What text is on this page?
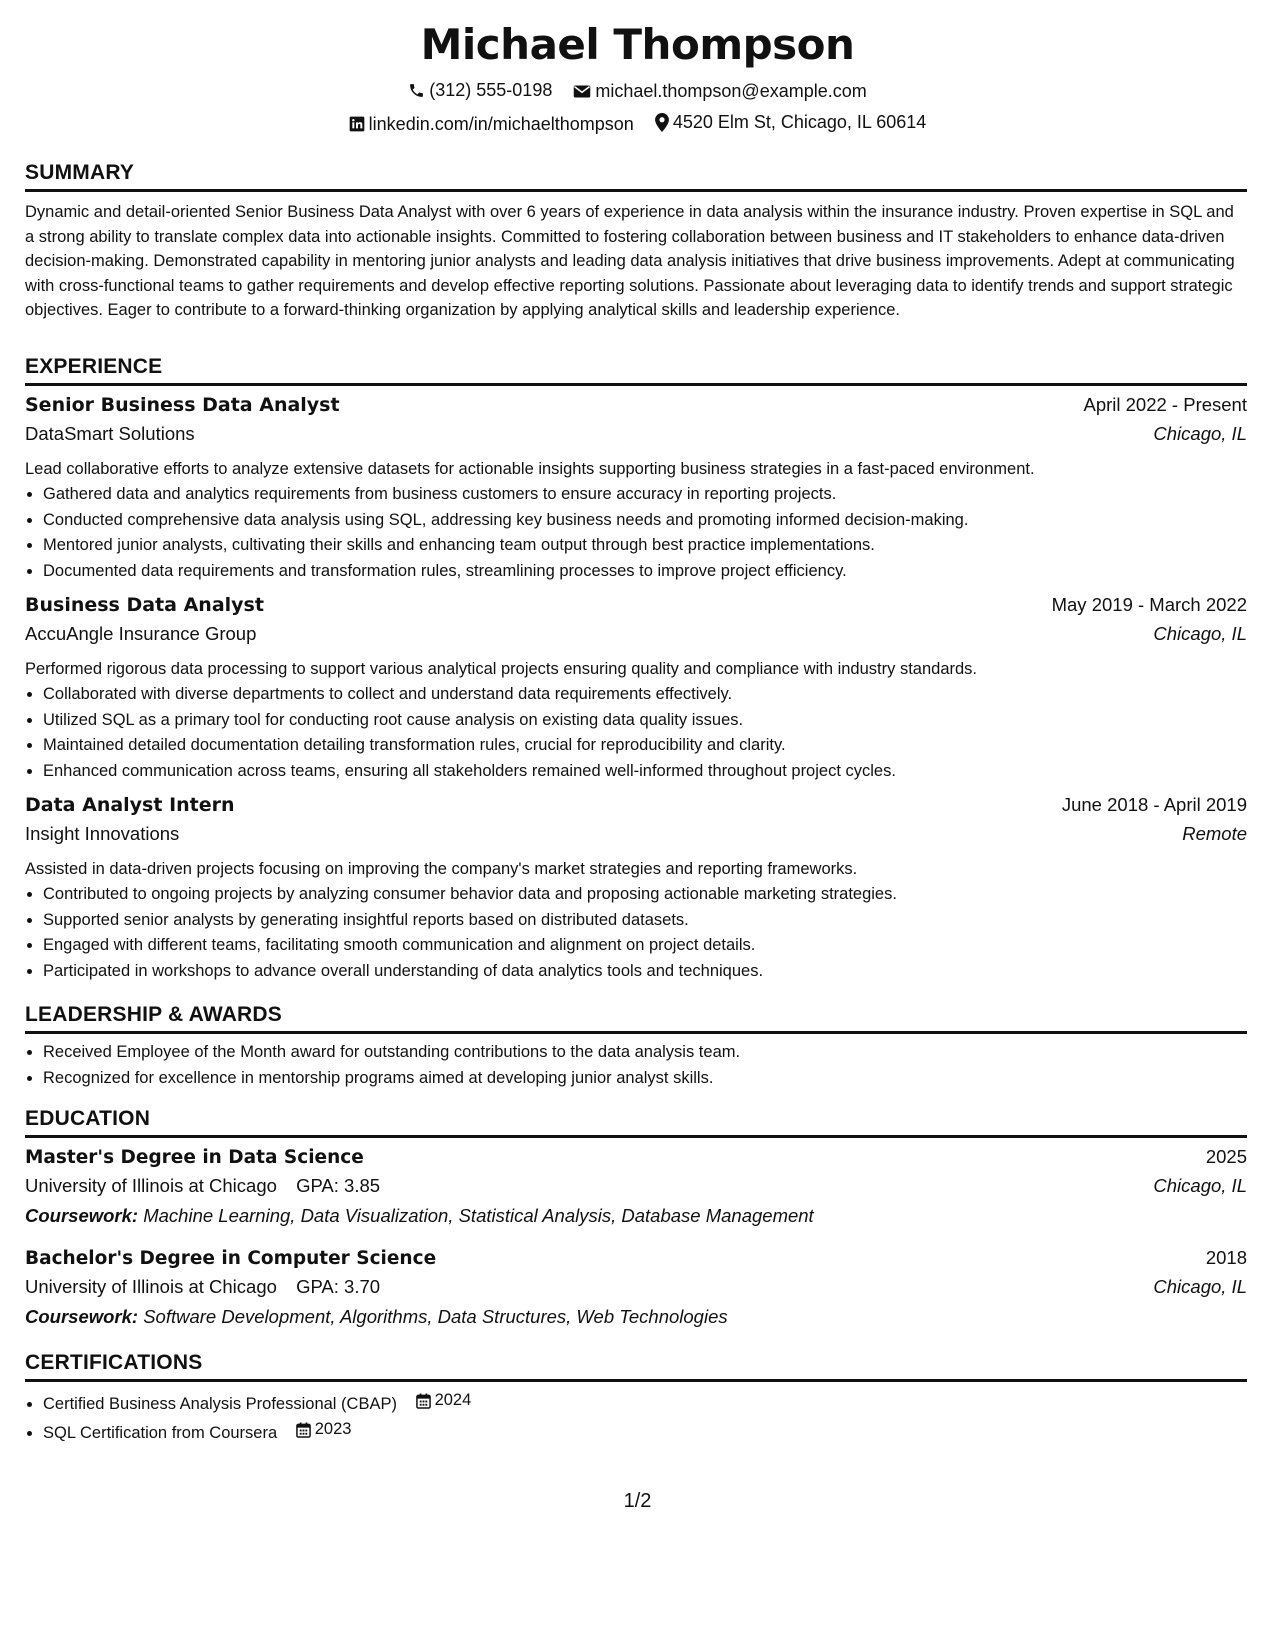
Michael Thompson
(312) 555-0198
michael.thompson@example.com
linkedin.com/in/michaelthompson
4520 Elm St, Chicago, IL 60614
SUMMARY
Dynamic and detail-oriented Senior Business Data Analyst with over 6 years of experience in data analysis within the insurance industry. Proven expertise in SQL and a strong ability to translate complex data into actionable insights. Committed to fostering collaboration between business and IT stakeholders to enhance data-driven decision-making. Demonstrated capability in mentoring junior analysts and leading data analysis initiatives that drive business improvements. Adept at communicating with cross-functional teams to gather requirements and develop effective reporting solutions. Passionate about leveraging data to identify trends and support strategic objectives. Eager to contribute to a forward-thinking organization by applying analytical skills and leadership experience.
EXPERIENCE
Senior Business Data Analyst	April 2022 - Present
DataSmart Solutions	Chicago, IL
Lead collaborative efforts to analyze extensive datasets for actionable insights supporting business strategies in a fast-paced environment.
• Gathered data and analytics requirements from business customers to ensure accuracy in reporting projects.
• Conducted comprehensive data analysis using SQL, addressing key business needs and promoting informed decision-making.
• Mentored junior analysts, cultivating their skills and enhancing team output through best practice implementations.
• Documented data requirements and transformation rules, streamlining processes to improve project efficiency.
Business Data Analyst	May 2019 - March 2022
AccuAngle Insurance Group	Chicago, IL
Performed rigorous data processing to support various analytical projects ensuring quality and compliance with industry standards.
• Collaborated with diverse departments to collect and understand data requirements effectively.
• Utilized SQL as a primary tool for conducting root cause analysis on existing data quality issues.
• Maintained detailed documentation detailing transformation rules, crucial for reproducibility and clarity.
• Enhanced communication across teams, ensuring all stakeholders remained well-informed throughout project cycles.
Data Analyst Intern	June 2018 - April 2019
Insight Innovations	Remote
Assisted in data-driven projects focusing on improving the company's market strategies and reporting frameworks.
• Contributed to ongoing projects by analyzing consumer behavior data and proposing actionable marketing strategies.
• Supported senior analysts by generating insightful reports based on distributed datasets.
• Engaged with different teams, facilitating smooth communication and alignment on project details.
• Participated in workshops to advance overall understanding of data analytics tools and techniques.
LEADERSHIP & AWARDS
• Received Employee of the Month award for outstanding contributions to the data analysis team.
• Recognized for excellence in mentorship programs aimed at developing junior analyst skills.
EDUCATION
Master's Degree in Data Science	2025
University of Illinois at Chicago GPA: 3.85	Chicago, IL
Coursework: Machine Learning, Data Visualization, Statistical Analysis, Database Management
Bachelor's Degree in Computer Science	2018
University of Illinois at Chicago GPA: 3.70	Chicago, IL
Coursework: Software Development, Algorithms, Data Structures, Web Technologies
CERTIFICATIONS
• Certified Business Analysis Professional (CBAP) 2024
• SQL Certification from Coursera 2023
1/2
